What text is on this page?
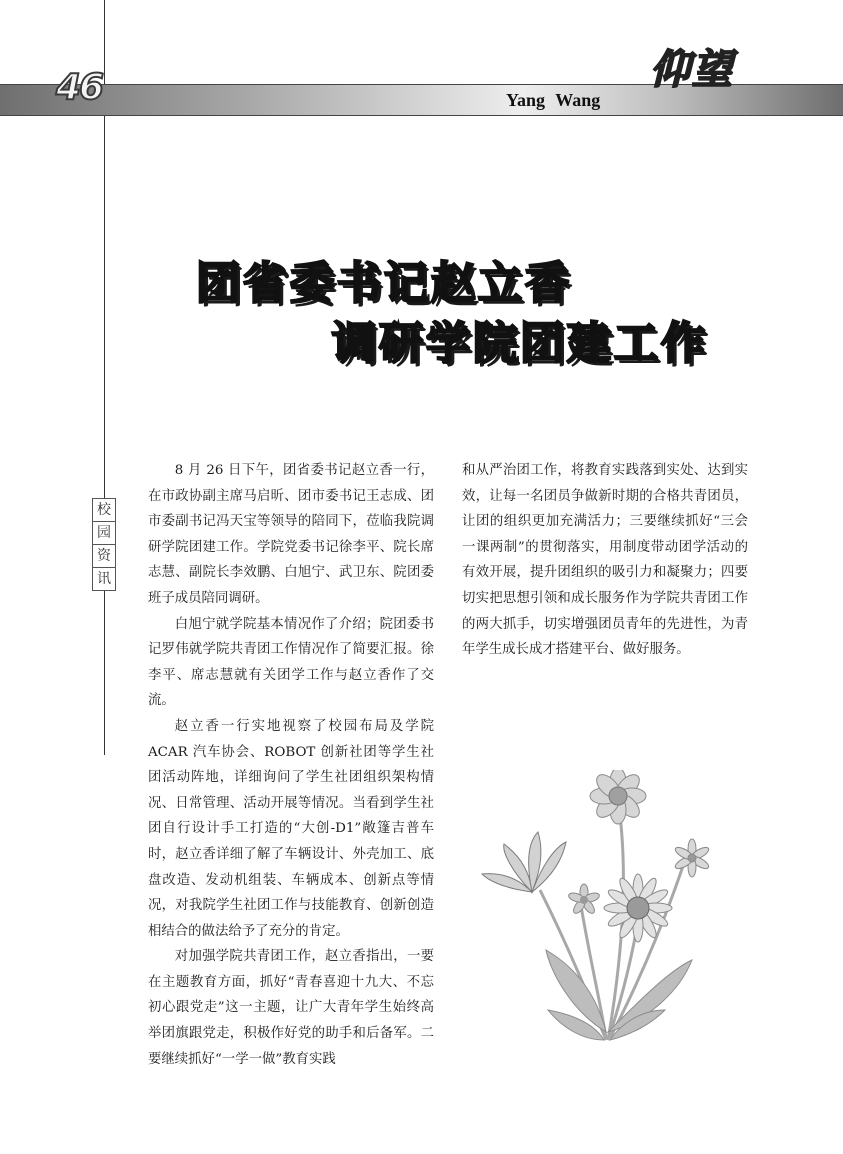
46	仰望
Yang Wang
团省委书记赵立香
调研学院团建工作
校
园
资
讯

8 月 26 日下午，团省委书记赵立香一行，在市政协副主席马启昕、团市委书记王志成、团市委副书记冯天宝等领导的陪同下，莅临我院调研学院团建工作。学院党委书记徐李平、院长席志慧、副院长李效鹏、白旭宁、武卫东、院团委班子成员陪同调研。

白旭宁就学院基本情况作了介绍；院团委书记罗伟就学院共青团工作情况作了简要汇报。徐李平、席志慧就有关团学工作与赵立香作了交流。

赵立香一行实地视察了校园布局及学院 ACAR 汽车协会、ROBOT 创新社团等学生社团活动阵地，详细询问了学生社团组织架构情况、日常管理、活动开展等情况。当看到学生社团自行设计手工打造的“大创-D1”敞篷吉普车时，赵立香详细了解了车辆设计、外壳加工、底盘改造、发动机组装、车辆成本、创新点等情况，对我院学生社团工作与技能教育、创新创造相结合的做法给予了充分的肯定。

对加强学院共青团工作，赵立香指出，一要在主题教育方面，抓好“青春喜迎十九大、不忘初心跟党走”这一主题，让广大青年学生始终高举团旗跟党走，积极作好党的助手和后备军。二要继续抓好“一学一做”教育实践

和从严治团工作，将教育实践落到实处、达到实效，让每一名团员争做新时期的合格共青团员，让团的组织更加充满活力；三要继续抓好“三会一课两制”的贯彻落实，用制度带动团学活动的有效开展，提升团组织的吸引力和凝聚力；四要切实把思想引领和成长服务作为学院共青团工作的两大抓手，切实增强团员青年的先进性，为青年学生成长成才搭建平台、做好服务。
